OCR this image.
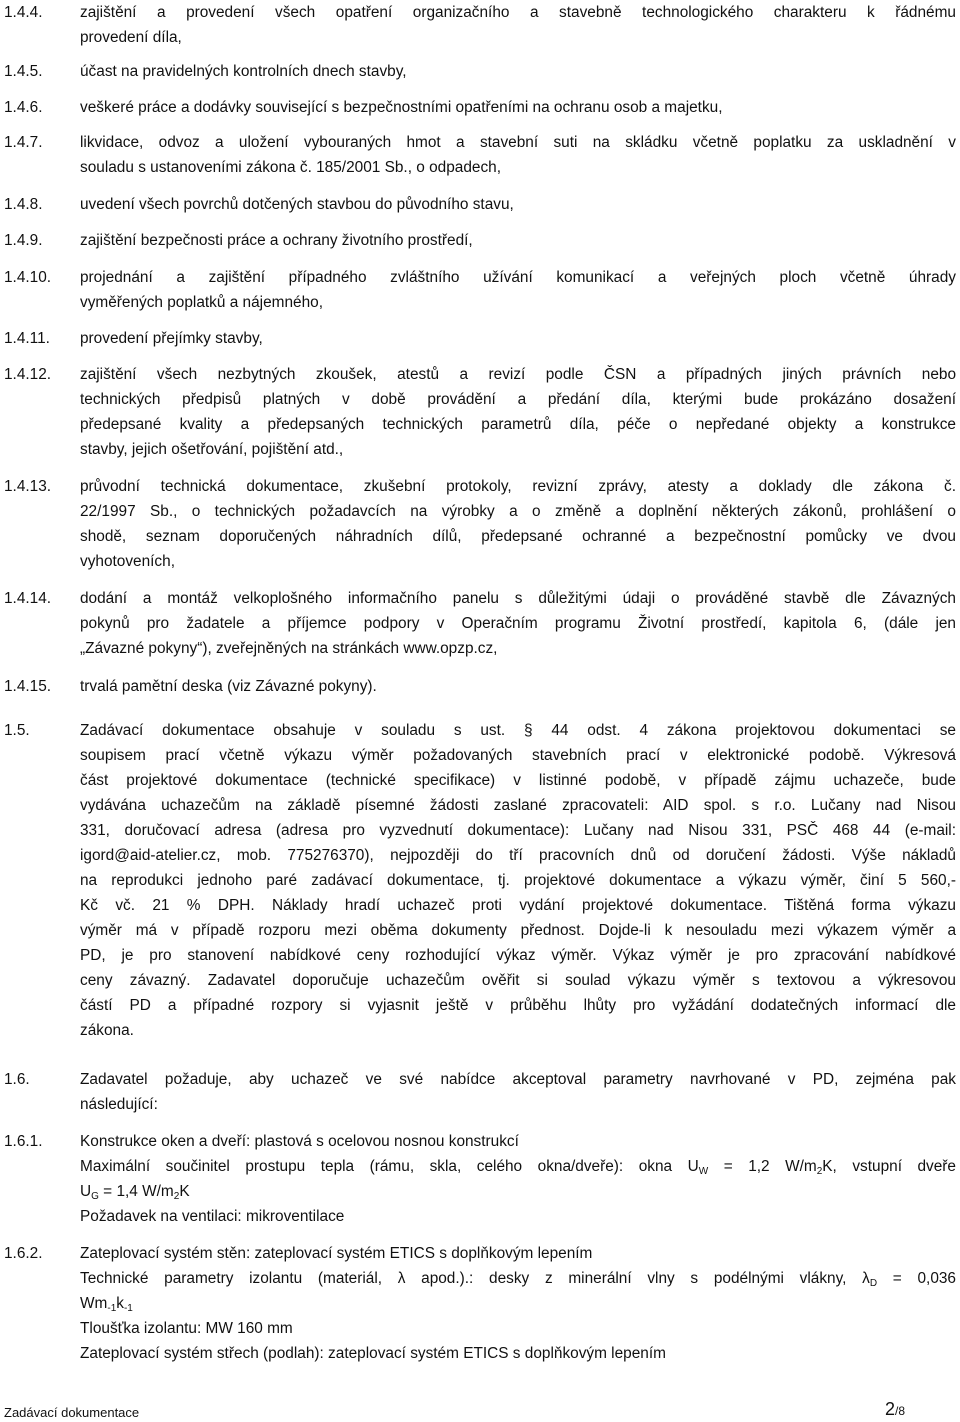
1.4.4. zajištění a provedení všech opatření organizačního a stavebně technologického charakteru k řádnému
provedení díla,
1.4.5. účast na pravidelných kontrolních dnech stavby,
1.4.6. veškeré práce a dodávky související s bezpečnostními opatřeními na ochranu osob a majetku,
1.4.7. likvidace, odvoz a uložení vybouraných hmot a stavební suti na skládku včetně poplatku za uskladnění v
souladu s ustanoveními zákona č. 185/2001 Sb., o odpadech,
1.4.8. uvedení všech povrchů dotčených stavbou do původního stavu,
1.4.9. zajištění bezpečnosti práce a ochrany životního prostředí,
1.4.10. projednání a zajištění případného zvláštního užívání komunikací a veřejných ploch včetně úhrady
vyměřených poplatků a nájemného,
1.4.11. provedení přejímky stavby,
1.4.12. zajištění všech nezbytných zkoušek, atestů a revizí podle ČSN a případných jiných právních nebo
technických předpisů platných v době provádění a předání díla, kterými bude prokázáno dosažení
předepsané kvality a předepsaných technických parametrů díla, péče o nepředané objekty a konstrukce
stavby, jejich ošetřování, pojištění atd.,
1.4.13. průvodní technická dokumentace, zkušební protokoly, revizní zprávy, atesty a doklady dle zákona č.
22/1997 Sb., o technických požadavcích na výrobky a o změně a doplnění některých zákonů, prohlášení o
shodě, seznam doporučených náhradních dílů, předepsané ochranné a bezpečnostní pomůcky ve dvou
vyhotoveních,
1.4.14. dodání a montáž velkoplošného informačního panelu s důležitými údaji o prováděné stavbě dle Závazných
pokynů pro žadatele a příjemce podpory v Operačním programu Životní prostředí, kapitola 6, (dále jen
„Závazné pokyny“), zveřejněných na stránkách www.opzp.cz,
1.4.15. trvalá pamětní deska (viz Závazné pokyny).
1.5.	Zadávací dokumentace obsahuje v souladu s ust. § 44 odst. 4 zákona projektovou dokumentaci se
soupisem prací včetně výkazu výměr požadovaných stavebních prací v elektronické podobě. Výkresová
část projektové dokumentace (technické specifikace) v listinné podobě, v případě zájmu uchazeče, bude
vydávána uchazečům na základě písemné žádosti zaslané zpracovateli: AID spol. s r.o. Lučany nad Nisou
331, doručovací adresa (adresa pro vyzvednutí dokumentace): Lučany nad Nisou 331, PSČ 468 44 (e-mail:
igord@aid-atelier.cz, mob. 775276370), nejpozději do tří pracovních dnů od doručení žádosti. Výše nákladů
na reprodukci jednoho paré zadávací dokumentace, tj. projektové dokumentace a výkazu výměr, činí 5 560,-
Kč vč. 21 % DPH. Náklady hradí uchazeč proti vydání projektové dokumentace. Tištěná forma výkazu
výměr má v případě rozporu mezi oběma dokumenty přednost. Dojde-li k nesouladu mezi výkazem výměr a
PD, je pro stanovení nabídkové ceny rozhodující výkaz výměr. Výkaz výměr je pro zpracování nabídkové
ceny závazný. Zadavatel doporučuje uchazečům ověřit si soulad výkazu výměr s textovou a výkresovou
částí PD a případné rozpory si vyjasnit ještě v průběhu lhůty pro vyžádání dodatečných informací dle
zákona.
1.6.	Zadavatel požaduje, aby uchazeč ve své nabídce akceptoval parametry navrhované v PD, zejména pak
následující:
1.6.1. Konstrukce oken a dveří: plastová s ocelovou nosnou konstrukcí
Maximální součinitel prostupu tepla (rámu, skla, celého okna/dveře): okna $U_W = 1,2$ $W/m_2K$, vstupní dveře
$U_G = 1,4$ $W/m_2K$
Požadavek na ventilaci: mikroventilace
1.6.2. Zateplovací systém stěn: zateplovací systém ETICS s doplňkovým lepením
Technické parametry izolantu (materiál, λ apod.).: desky z minerální vlny s podélnými vlákny, $\lambda_D = 0,036$
$Wm_{-1}k_{-1}$
Tloušťka izolantu: MW 160 mm
Zateplovací systém střech (podlah): zateplovací systém ETICS s doplňkovým lepením
Zadávací dokumentace	2/8
